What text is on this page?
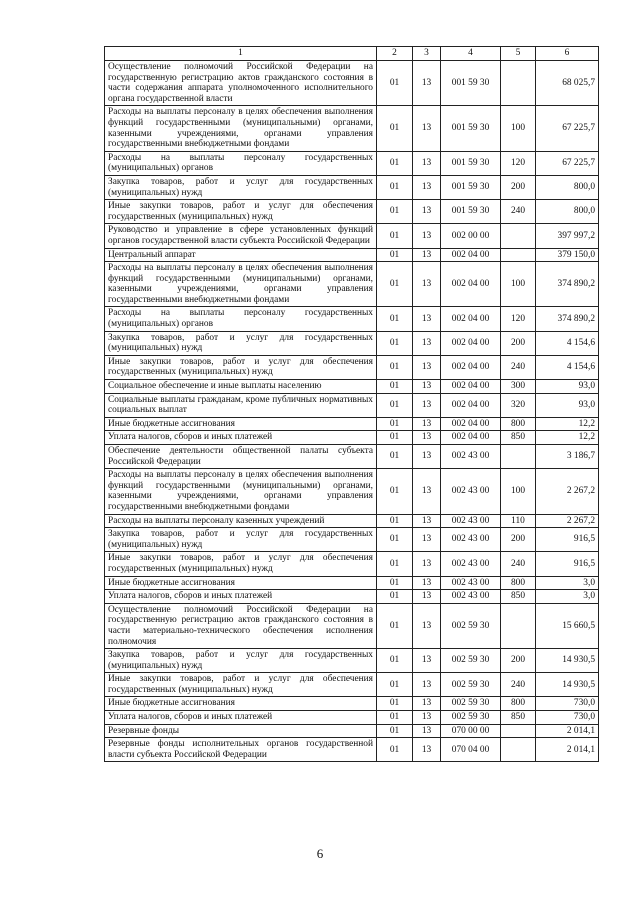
1	2	3	4	5	6
Осуществление полномочий Российской Федерации на государственную регистрацию актов гражданского состояния в части содержания аппарата уполномоченного исполнительного органа государственной власти	01	13	001 59 30		68 025,7
Расходы на выплаты персоналу в целях обеспечения выполнения функций государственными (муниципальными) органами, казенными учреждениями, органами управления государственными внебюджетными фондами	01	13	001 59 30	100	67 225,7
Расходы на выплаты персоналу государственных (муниципальных) органов	01	13	001 59 30	120	67 225,7
Закупка товаров, работ и услуг для государственных (муниципальных) нужд	01	13	001 59 30	200	800,0
Иные закупки товаров, работ и услуг для обеспечения государственных (муниципальных) нужд	01	13	001 59 30	240	800,0
Руководство и управление в сфере установленных функций органов государственной власти субъекта Российской Федерации	01	13	002 00 00		397 997,2
Центральный аппарат	01	13	002 04 00		379 150,0
Расходы на выплаты персоналу в целях обеспечения выполнения функций государственными (муниципальными) органами, казенными учреждениями, органами управления государственными внебюджетными фондами	01	13	002 04 00	100	374 890,2
Расходы на выплаты персоналу государственных (муниципальных) органов	01	13	002 04 00	120	374 890,2
Закупка товаров, работ и услуг для государственных (муниципальных) нужд	01	13	002 04 00	200	4 154,6
Иные закупки товаров, работ и услуг для обеспечения государственных (муниципальных) нужд	01	13	002 04 00	240	4 154,6
Социальное обеспечение и иные выплаты населению	01	13	002 04 00	300	93,0
Социальные выплаты гражданам, кроме публичных нормативных социальных выплат	01	13	002 04 00	320	93,0
Иные бюджетные ассигнования	01	13	002 04 00	800	12,2
Уплата налогов, сборов и иных платежей	01	13	002 04 00	850	12,2
Обеспечение деятельности общественной палаты субъекта Российской Федерации	01	13	002 43 00		3 186,7
Расходы на выплаты персоналу в целях обеспечения выполнения функций государственными (муниципальными) органами, казенными учреждениями, органами управления государственными внебюджетными фондами	01	13	002 43 00	100	2 267,2
Расходы на выплаты персоналу казенных учреждений	01	13	002 43 00	110	2 267,2
Закупка товаров, работ и услуг для государственных (муниципальных) нужд	01	13	002 43 00	200	916,5
Иные закупки товаров, работ и услуг для обеспечения государственных (муниципальных) нужд	01	13	002 43 00	240	916,5
Иные бюджетные ассигнования	01	13	002 43 00	800	3,0
Уплата налогов, сборов и иных платежей	01	13	002 43 00	850	3,0
Осуществление полномочий Российской Федерации на государственную регистрацию актов гражданского состояния в части материально-технического обеспечения исполнения полномочия	01	13	002 59 30		15 660,5
Закупка товаров, работ и услуг для государственных (муниципальных) нужд	01	13	002 59 30	200	14 930,5
Иные закупки товаров, работ и услуг для обеспечения государственных (муниципальных) нужд	01	13	002 59 30	240	14 930,5
Иные бюджетные ассигнования	01	13	002 59 30	800	730,0
Уплата налогов, сборов и иных платежей	01	13	002 59 30	850	730,0
Резервные фонды	01	13	070 00 00		2 014,1
Резервные фонды исполнительных органов государственной власти субъекта Российской Федерации	01	13	070 04 00		2 014,1
6
